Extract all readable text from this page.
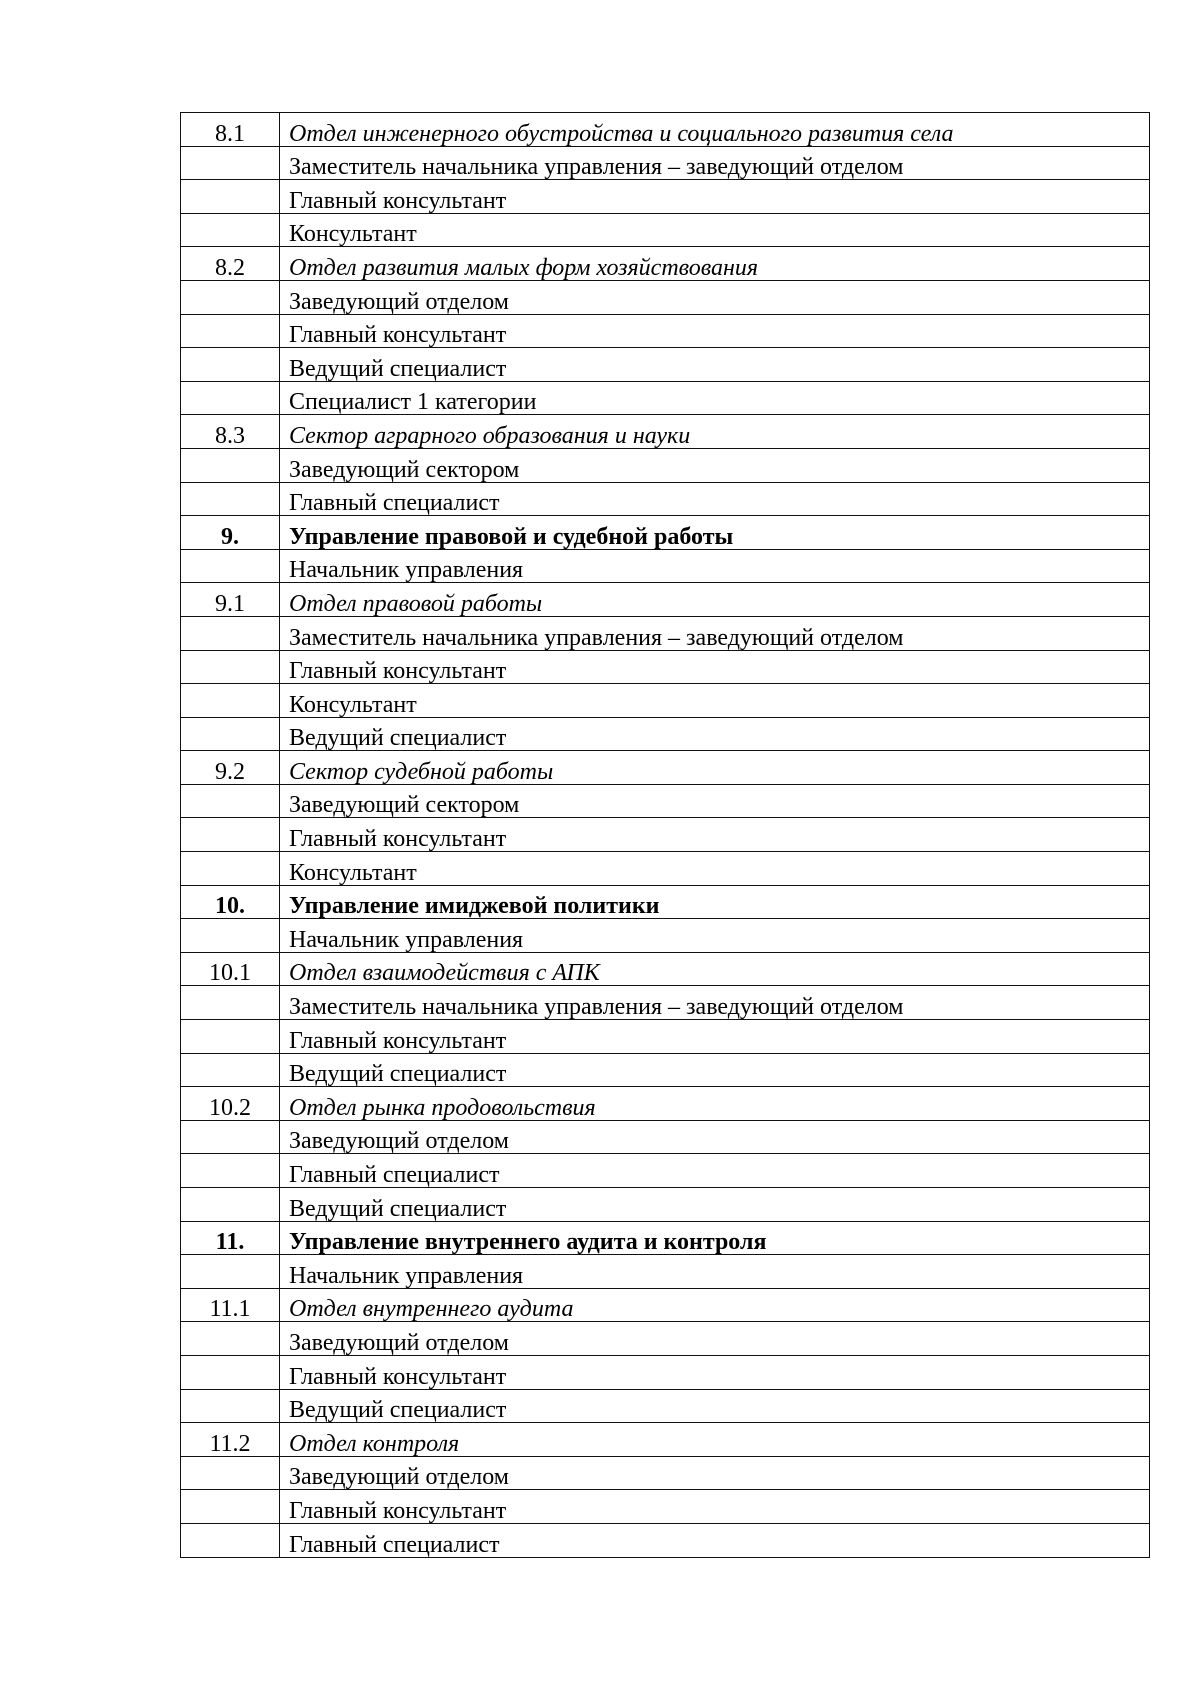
8.1	Отдел инженерного обустройства и социального развития села
	Заместитель начальника управления – заведующий отделом
	Главный консультант
	Консультант
8.2	Отдел развития малых форм хозяйствования
	Заведующий отделом
	Главный консультант
	Ведущий специалист
	Специалист 1 категории
8.3	Сектор аграрного образования и науки
	Заведующий сектором
	Главный специалист
9.	Управление правовой и судебной работы
	Начальник управления
9.1	Отдел правовой работы
	Заместитель начальника управления – заведующий отделом
	Главный консультант
	Консультант
	Ведущий специалист
9.2	Сектор судебной работы
	Заведующий сектором
	Главный консультант
	Консультант
10.	Управление имиджевой политики
	Начальник управления
10.1	Отдел взаимодействия с АПК
	Заместитель начальника управления – заведующий отделом
	Главный консультант
	Ведущий специалист
10.2	Отдел рынка продовольствия
	Заведующий отделом
	Главный специалист
	Ведущий специалист
11.	Управление внутреннего аудита и контроля
	Начальник управления
11.1	Отдел внутреннего аудита
	Заведующий отделом
	Главный консультант
	Ведущий специалист
11.2	Отдел контроля
	Заведующий отделом
	Главный консультант
	Главный специалист
